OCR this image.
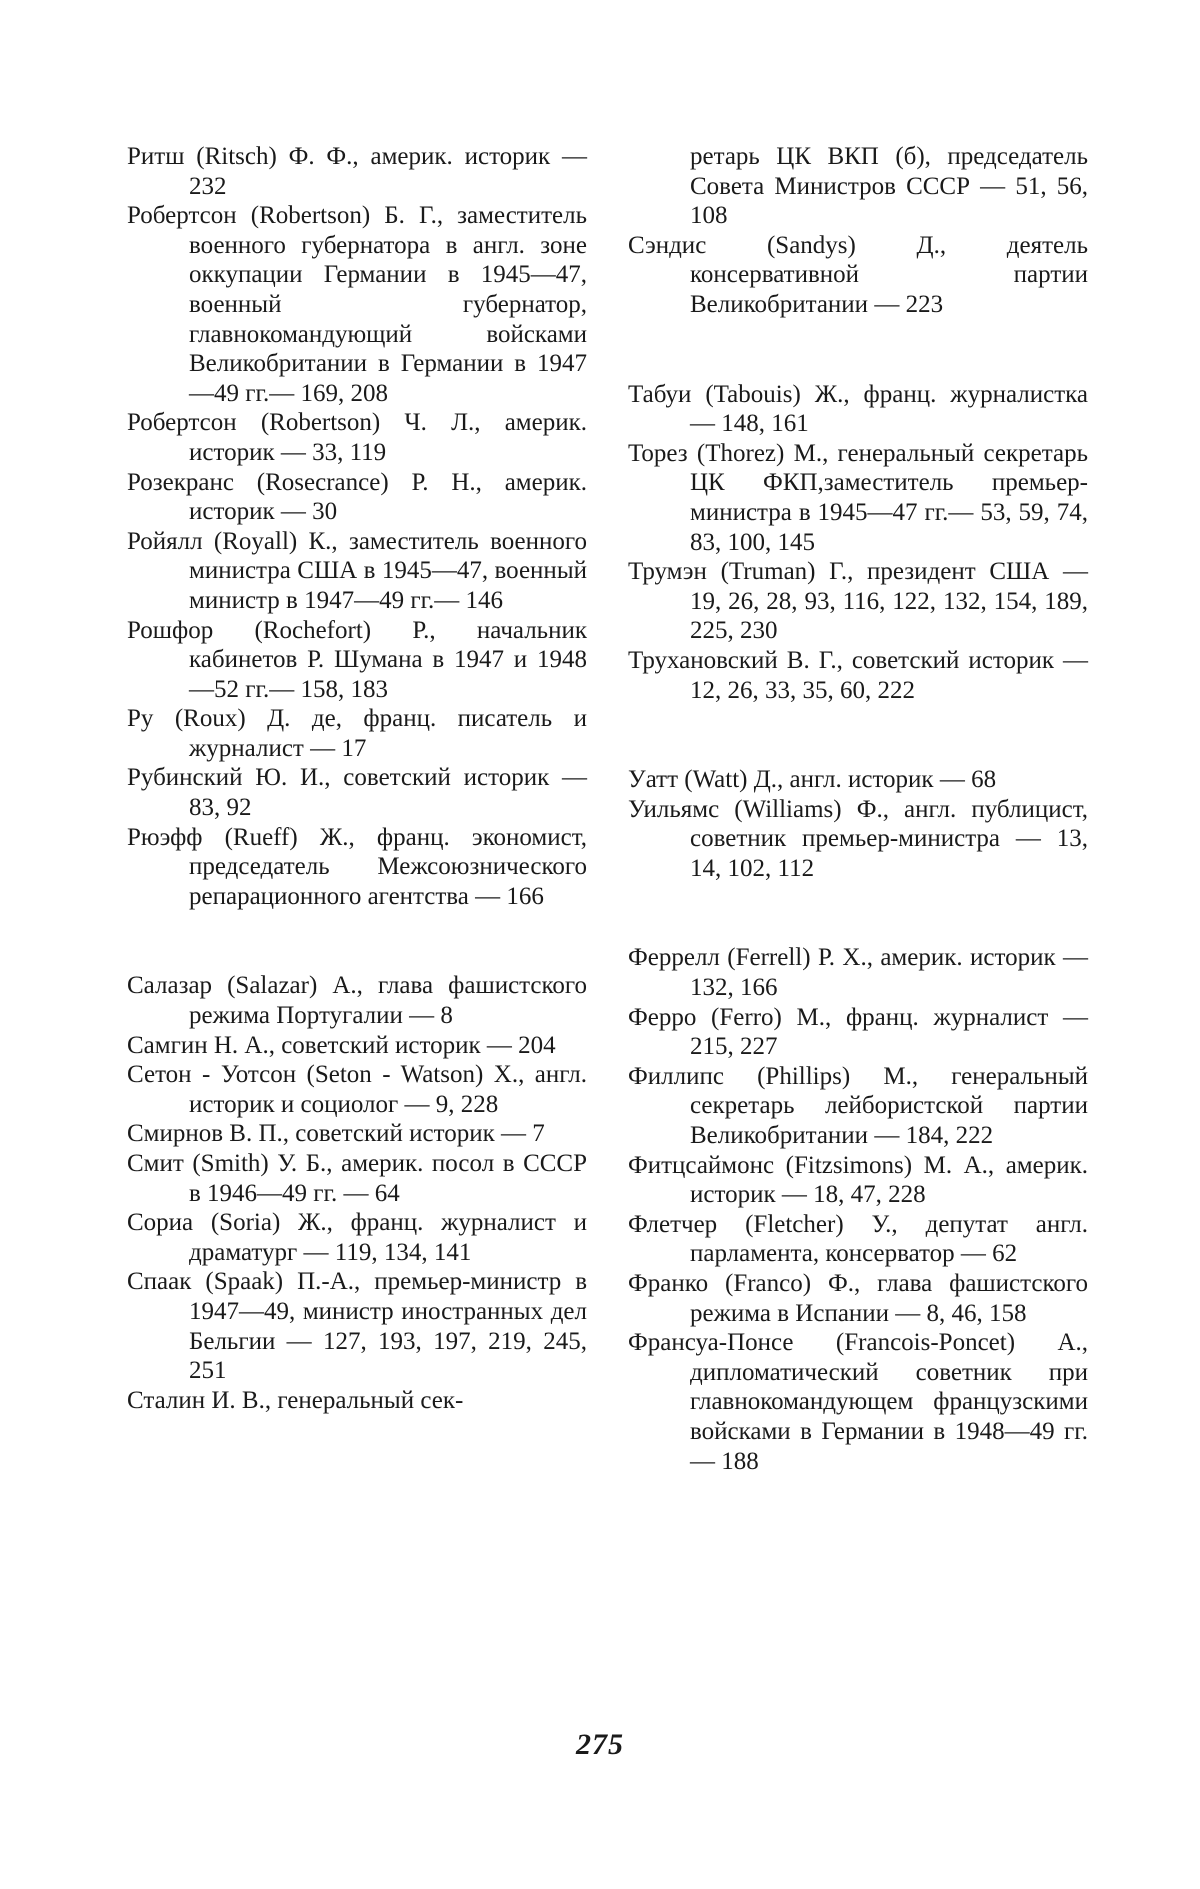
Ритш (Ritsch) Ф. Ф., америк. историк — 232

Робертсон (Robertson) Б. Г., заместитель военного губернатора в англ. зоне оккупации Германии в 1945—47, военный губернатор, главнокомандующий войсками Великобритании в Германии в 1947—49 гг.— 169, 208

Робертсон (Robertson) Ч. Л., америк. историк — 33, 119

Розекранс (Rosecrance) Р. Н., америк. историк — 30

Ройялл (Royall) К., заместитель военного министра США в 1945—47, военный министр в 1947—49 гг.— 146

Рошфор (Rochefort) Р., начальник кабинетов Р. Шумана в 1947 и 1948—52 гг.— 158, 183

Ру (Roux) Д. де, франц. писатель и журналист — 17

Рубинский Ю. И., советский историк — 83, 92

Рюэфф (Rueff) Ж., франц. экономист, председатель Межсоюзнического репарационного агентства — 166

Салазар (Salazar) А., глава фашистского режима Португалии — 8

Самгин Н. А., советский историк — 204

Сетон - Уотсон (Seton - Watson) Х., англ. историк и социолог — 9, 228

Смирнов В. П., советский историк — 7

Смит (Smith) У. Б., америк. посол в СССР в 1946—49 гг. — 64

Сориа (Soria) Ж., франц. журналист и драматург — 119, 134, 141

Спаак (Spaak) П.-А., премьер-министр в 1947—49, министр иностранных дел Бельгии — 127, 193, 197, 219, 245, 251

Сталин И. В., генеральный сек-

ретарь ЦК ВКП (б), председатель Совета Министров СССР — 51, 56, 108

Сэндис (Sandys) Д., деятель консервативной партии Великобритании — 223

Табуи (Tabouis) Ж., франц. журналистка — 148, 161

Торез (Thorez) М., генеральный секретарь ЦК ФКП,заместитель премьер-министра в 1945—47 гг.— 53, 59, 74, 83, 100, 145

Трумэн (Truman) Г., президент США — 19, 26, 28, 93, 116, 122, 132, 154, 189, 225, 230

Трухановский В. Г., советский историк — 12, 26, 33, 35, 60, 222

Уатт (Watt) Д., англ. историк — 68

Уильямс (Williams) Ф., англ. публицист, советник премьер-министра — 13, 14, 102, 112

Феррелл (Ferrell) Р. Х., америк. историк — 132, 166

Ферро (Ferro) М., франц. журналист — 215, 227

Филлипс (Phillips) М., генеральный секретарь лейбористской партии Великобритании — 184, 222

Фитцсаймонс (Fitzsimons) М. А., америк. историк — 18, 47, 228

Флетчер (Fletcher) У., депутат англ. парламента, консерватор — 62

Франко (Franco) Ф., глава фашистского режима в Испании — 8, 46, 158

Франсуа-Понсе (Francois-Poncet) А., дипломатический советник при главнокомандующем французскими войсками в Германии в 1948—49 гг. — 188

275
